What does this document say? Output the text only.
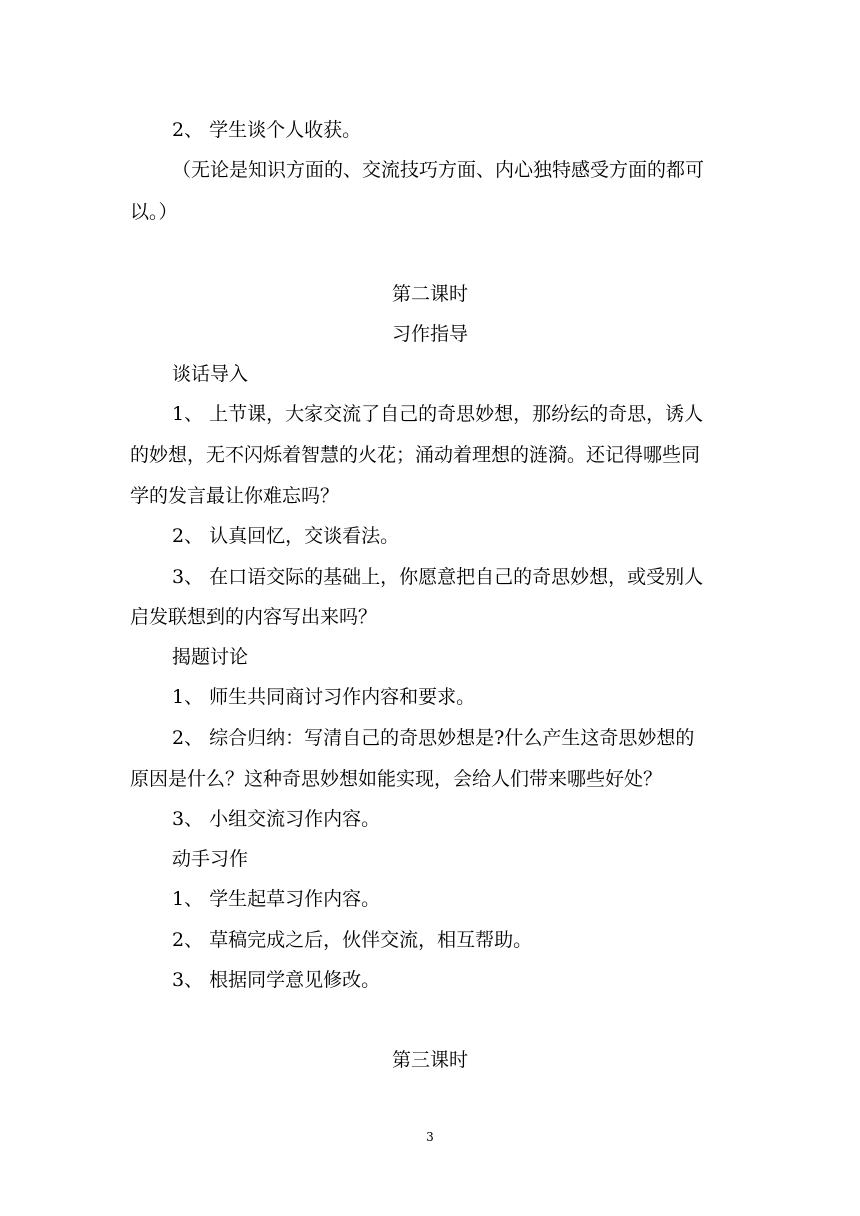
2、 学生谈个人收获。
（无论是知识方面的、交流技巧方面、内心独特感受方面的都可
以。）
第二课时
习作指导
谈话导入
1、 上节课，大家交流了自己的奇思妙想，那纷纭的奇思，诱人
的妙想，无不闪烁着智慧的火花；涌动着理想的涟漪。还记得哪些同
学的发言最让你难忘吗？
2、 认真回忆，交谈看法。
3、 在口语交际的基础上，你愿意把自己的奇思妙想，或受别人
启发联想到的内容写出来吗？
揭题讨论
1、 师生共同商讨习作内容和要求。
2、 综合归纳：写清自己的奇思妙想是?什么产生这奇思妙想的
原因是什么？这种奇思妙想如能实现，会给人们带来哪些好处？
3、 小组交流习作内容。
动手习作
1、 学生起草习作内容。
2、 草稿完成之后，伙伴交流，相互帮助。
3、 根据同学意见修改。
第三课时
3
